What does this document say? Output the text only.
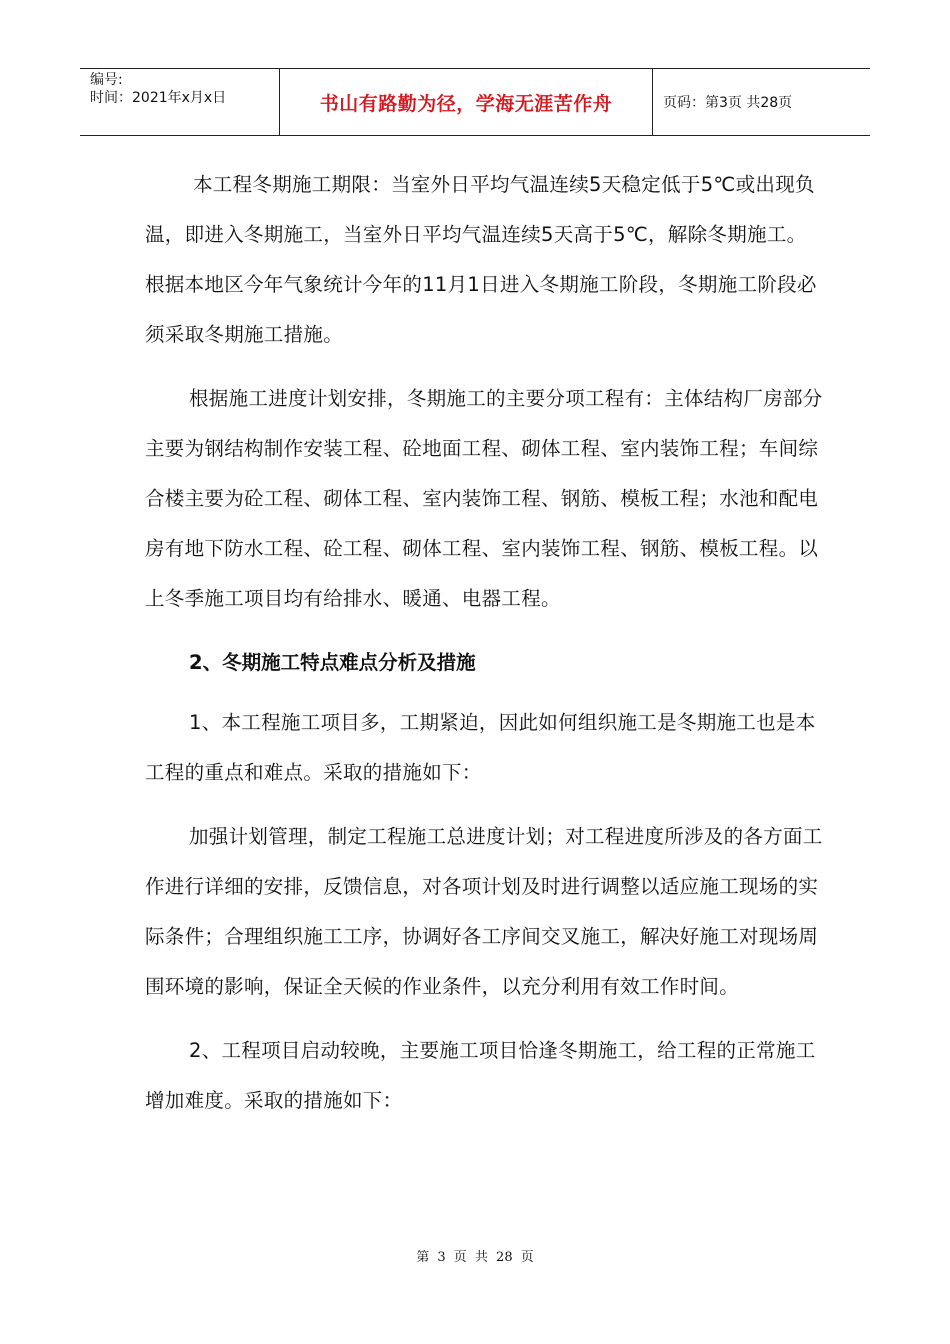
编号:
时间：2021年x月x日	书山有路勤为径，学海无涯苦作舟	页码：第3页 共28页

本工程冬期施工期限：当室外日平均气温连续5天稳定低于5℃或出现负温，即进入冬期施工，当室外日平均气温连续5天高于5℃，解除冬期施工。根据本地区今年气象统计今年的11月1日进入冬期施工阶段，冬期施工阶段必须采取冬期施工措施。

根据施工进度计划安排，冬期施工的主要分项工程有：主体结构厂房部分主要为钢结构制作安装工程、砼地面工程、砌体工程、室内装饰工程；车间综合楼主要为砼工程、砌体工程、室内装饰工程、钢筋、模板工程；水池和配电房有地下防水工程、砼工程、砌体工程、室内装饰工程、钢筋、模板工程。以上冬季施工项目均有给排水、暖通、电器工程。

2、冬期施工特点难点分析及措施

1、本工程施工项目多，工期紧迫，因此如何组织施工是冬期施工也是本工程的重点和难点。采取的措施如下：

加强计划管理，制定工程施工总进度计划；对工程进度所涉及的各方面工作进行详细的安排，反馈信息，对各项计划及时进行调整以适应施工现场的实际条件；合理组织施工工序，协调好各工序间交叉施工，解决好施工对现场周围环境的影响，保证全天候的作业条件，以充分利用有效工作时间。

2、工程项目启动较晚，主要施工项目恰逢冬期施工，给工程的正常施工增加难度。采取的措施如下：

第 3 页 共 28 页
